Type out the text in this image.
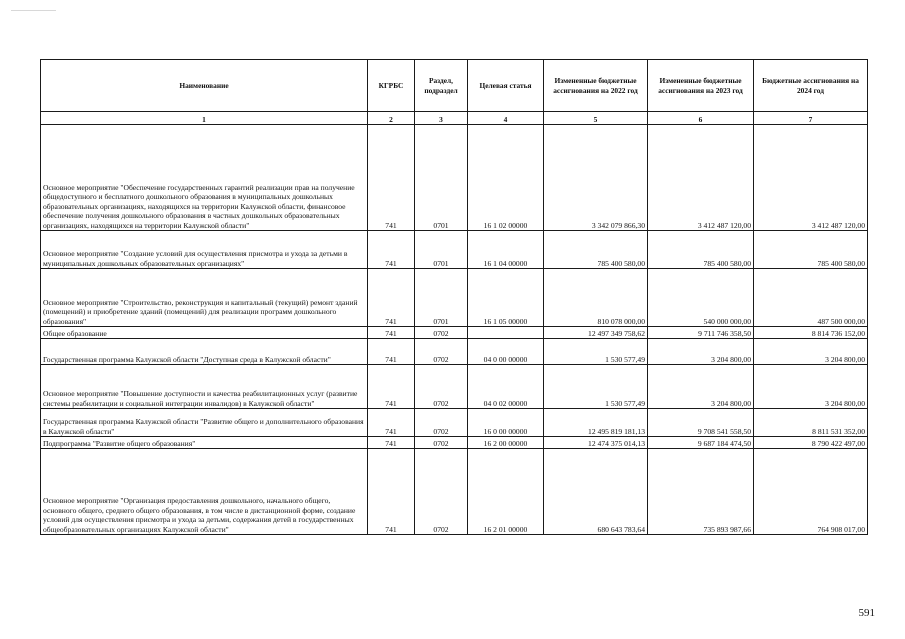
Наименование	КГРБС	Раздел, подраздел	Целевая статья	Измененные бюджетные ассигнования на 2022 год	Измененные бюджетные ассигнования на 2023 год	Бюджетные ассигнования на 2024 год
1	2	3	4	5	6	7
Основное мероприятие "Обеспечение государственных гарантий реализации прав на получение общедоступного и бесплатного дошкольного образования в муниципальных дошкольных образовательных организациях, находящихся на территории Калужской области, финансовое обеспечение получения дошкольного образования в частных дошкольных образовательных организациях, находящихся на территории Калужской области"	741	0701	16 1 02 00000	3 342 079 866,30	3 412 487 120,00	3 412 487 120,00
Основное мероприятие "Создание условий для осуществления присмотра и ухода за детьми в муниципальных дошкольных образовательных организациях"	741	0701	16 1 04 00000	785 400 580,00	785 400 580,00	785 400 580,00
Основное мероприятие "Строительство, реконструкция и капитальный (текущий) ремонт зданий (помещений) и приобретение зданий (помещений) для реализации программ дошкольного образования"	741	0701	16 1 05 00000	810 078 000,00	540 000 000,00	487 500 000,00
Общее образование	741	0702		12 497 349 758,62	9 711 746 358,50	8 814 736 152,00
Государственная программа Калужской области "Доступная среда в Калужской области"	741	0702	04 0 00 00000	1 530 577,49	3 204 800,00	3 204 800,00
Основное мероприятие "Повышение доступности и качества реабилитационных услуг (развитие системы реабилитации и социальной интеграции инвалидов) в Калужской области"	741	0702	04 0 02 00000	1 530 577,49	3 204 800,00	3 204 800,00
Государственная программа Калужской области "Развитие общего и дополнительного образования в Калужской области"	741	0702	16 0 00 00000	12 495 819 181,13	9 708 541 558,50	8 811 531 352,00
Подпрограмма "Развитие общего образования"	741	0702	16 2 00 00000	12 474 375 014,13	9 687 184 474,50	8 790 422 497,00
Основное мероприятие "Организация предоставления дошкольного, начального общего, основного общего, среднего общего образования, в том числе в дистанционной форме, создание условий для осуществления присмотра и ухода за детьми, содержания детей в государственных общеобразовательных организациях Калужской области"	741	0702	16 2 01 00000	680 643 783,64	735 893 987,66	764 908 017,00
591
